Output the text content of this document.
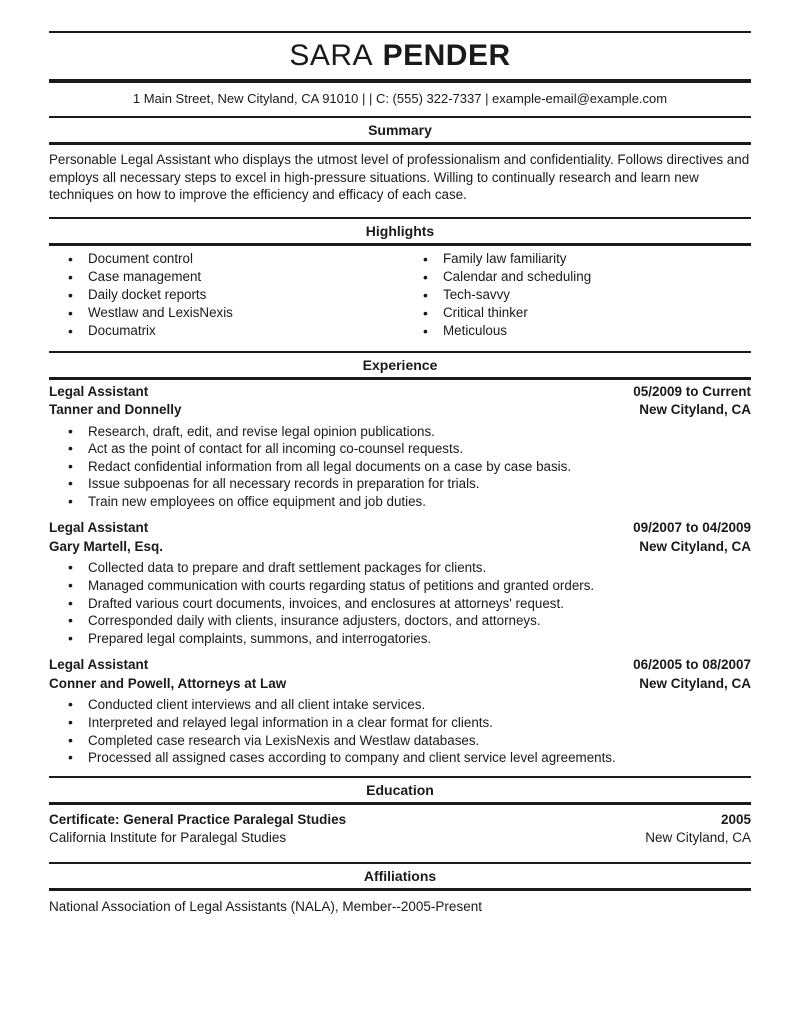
SARA PENDER
1 Main Street, New Cityland, CA 91010 | | C: (555) 322-7337 | example-email@example.com
Summary

Personable Legal Assistant who displays the utmost level of professionalism and confidentiality. Follows directives and employs all necessary steps to excel in high-pressure situations. Willing to continually research and learn new techniques on how to improve the efficiency and efficacy of each case.

Highlights
• Document control
• Case management
• Daily docket reports
• Westlaw and LexisNexis
• Documatrix
• Family law familiarity
• Calendar and scheduling
• Tech-savvy
• Critical thinker
• Meticulous
Experience
Legal Assistant	05/2009 to Current
Tanner and Donnelly	New Cityland, CA
• Research, draft, edit, and revise legal opinion publications.
• Act as the point of contact for all incoming co-counsel requests.
• Redact confidential information from all legal documents on a case by case basis.
• Issue subpoenas for all necessary records in preparation for trials.
• Train new employees on office equipment and job duties.
Legal Assistant	09/2007 to 04/2009
Gary Martell, Esq.	New Cityland, CA
• Collected data to prepare and draft settlement packages for clients.
• Managed communication with courts regarding status of petitions and granted orders.
• Drafted various court documents, invoices, and enclosures at attorneys' request.
• Corresponded daily with clients, insurance adjusters, doctors, and attorneys.
• Prepared legal complaints, summons, and interrogatories.
Legal Assistant	06/2005 to 08/2007
Conner and Powell, Attorneys at Law	New Cityland, CA
• Conducted client interviews and all client intake services.
• Interpreted and relayed legal information in a clear format for clients.
• Completed case research via LexisNexis and Westlaw databases.
• Processed all assigned cases according to company and client service level agreements.
Education
Certificate: General Practice Paralegal Studies	2005
California Institute for Paralegal Studies	New Cityland, CA
Affiliations

National Association of Legal Assistants (NALA), Member--2005-Present
